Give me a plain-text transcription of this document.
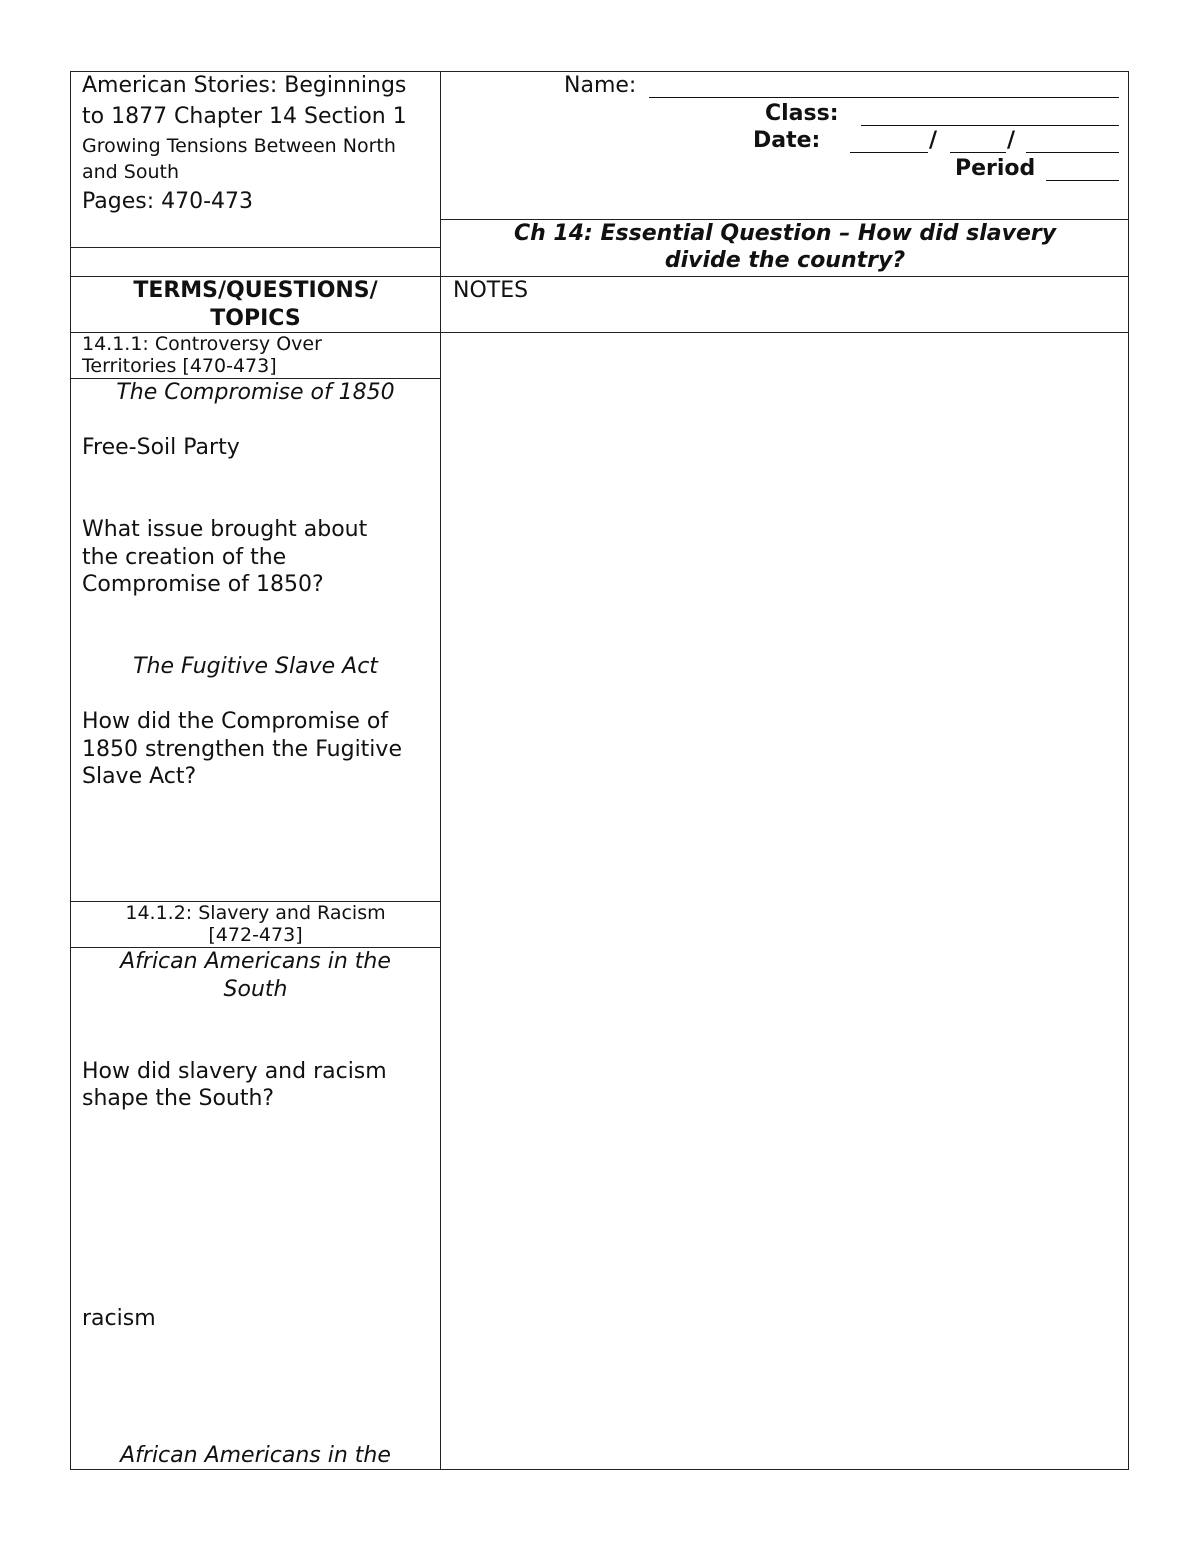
American Stories: Beginnings
to 1877 Chapter 14 Section 1
Growing Tensions Between North
and South
Pages: 470-473
Name:
Class:
Date:	/	/
Period
Ch 14: Essential Question – How did slavery
divide the country?
TERMS/QUESTIONS/
TOPICS
NOTES
14.1.1: Controversy Over
Territories [470-473]
The Compromise of 1850
Free-Soil Party
What issue brought about
the creation of the
Compromise of 1850?
The Fugitive Slave Act
How did the Compromise of
1850 strengthen the Fugitive
Slave Act?
14.1.2: Slavery and Racism
[472-473]
African Americans in the
South
How did slavery and racism
shape the South?
racism
African Americans in the
